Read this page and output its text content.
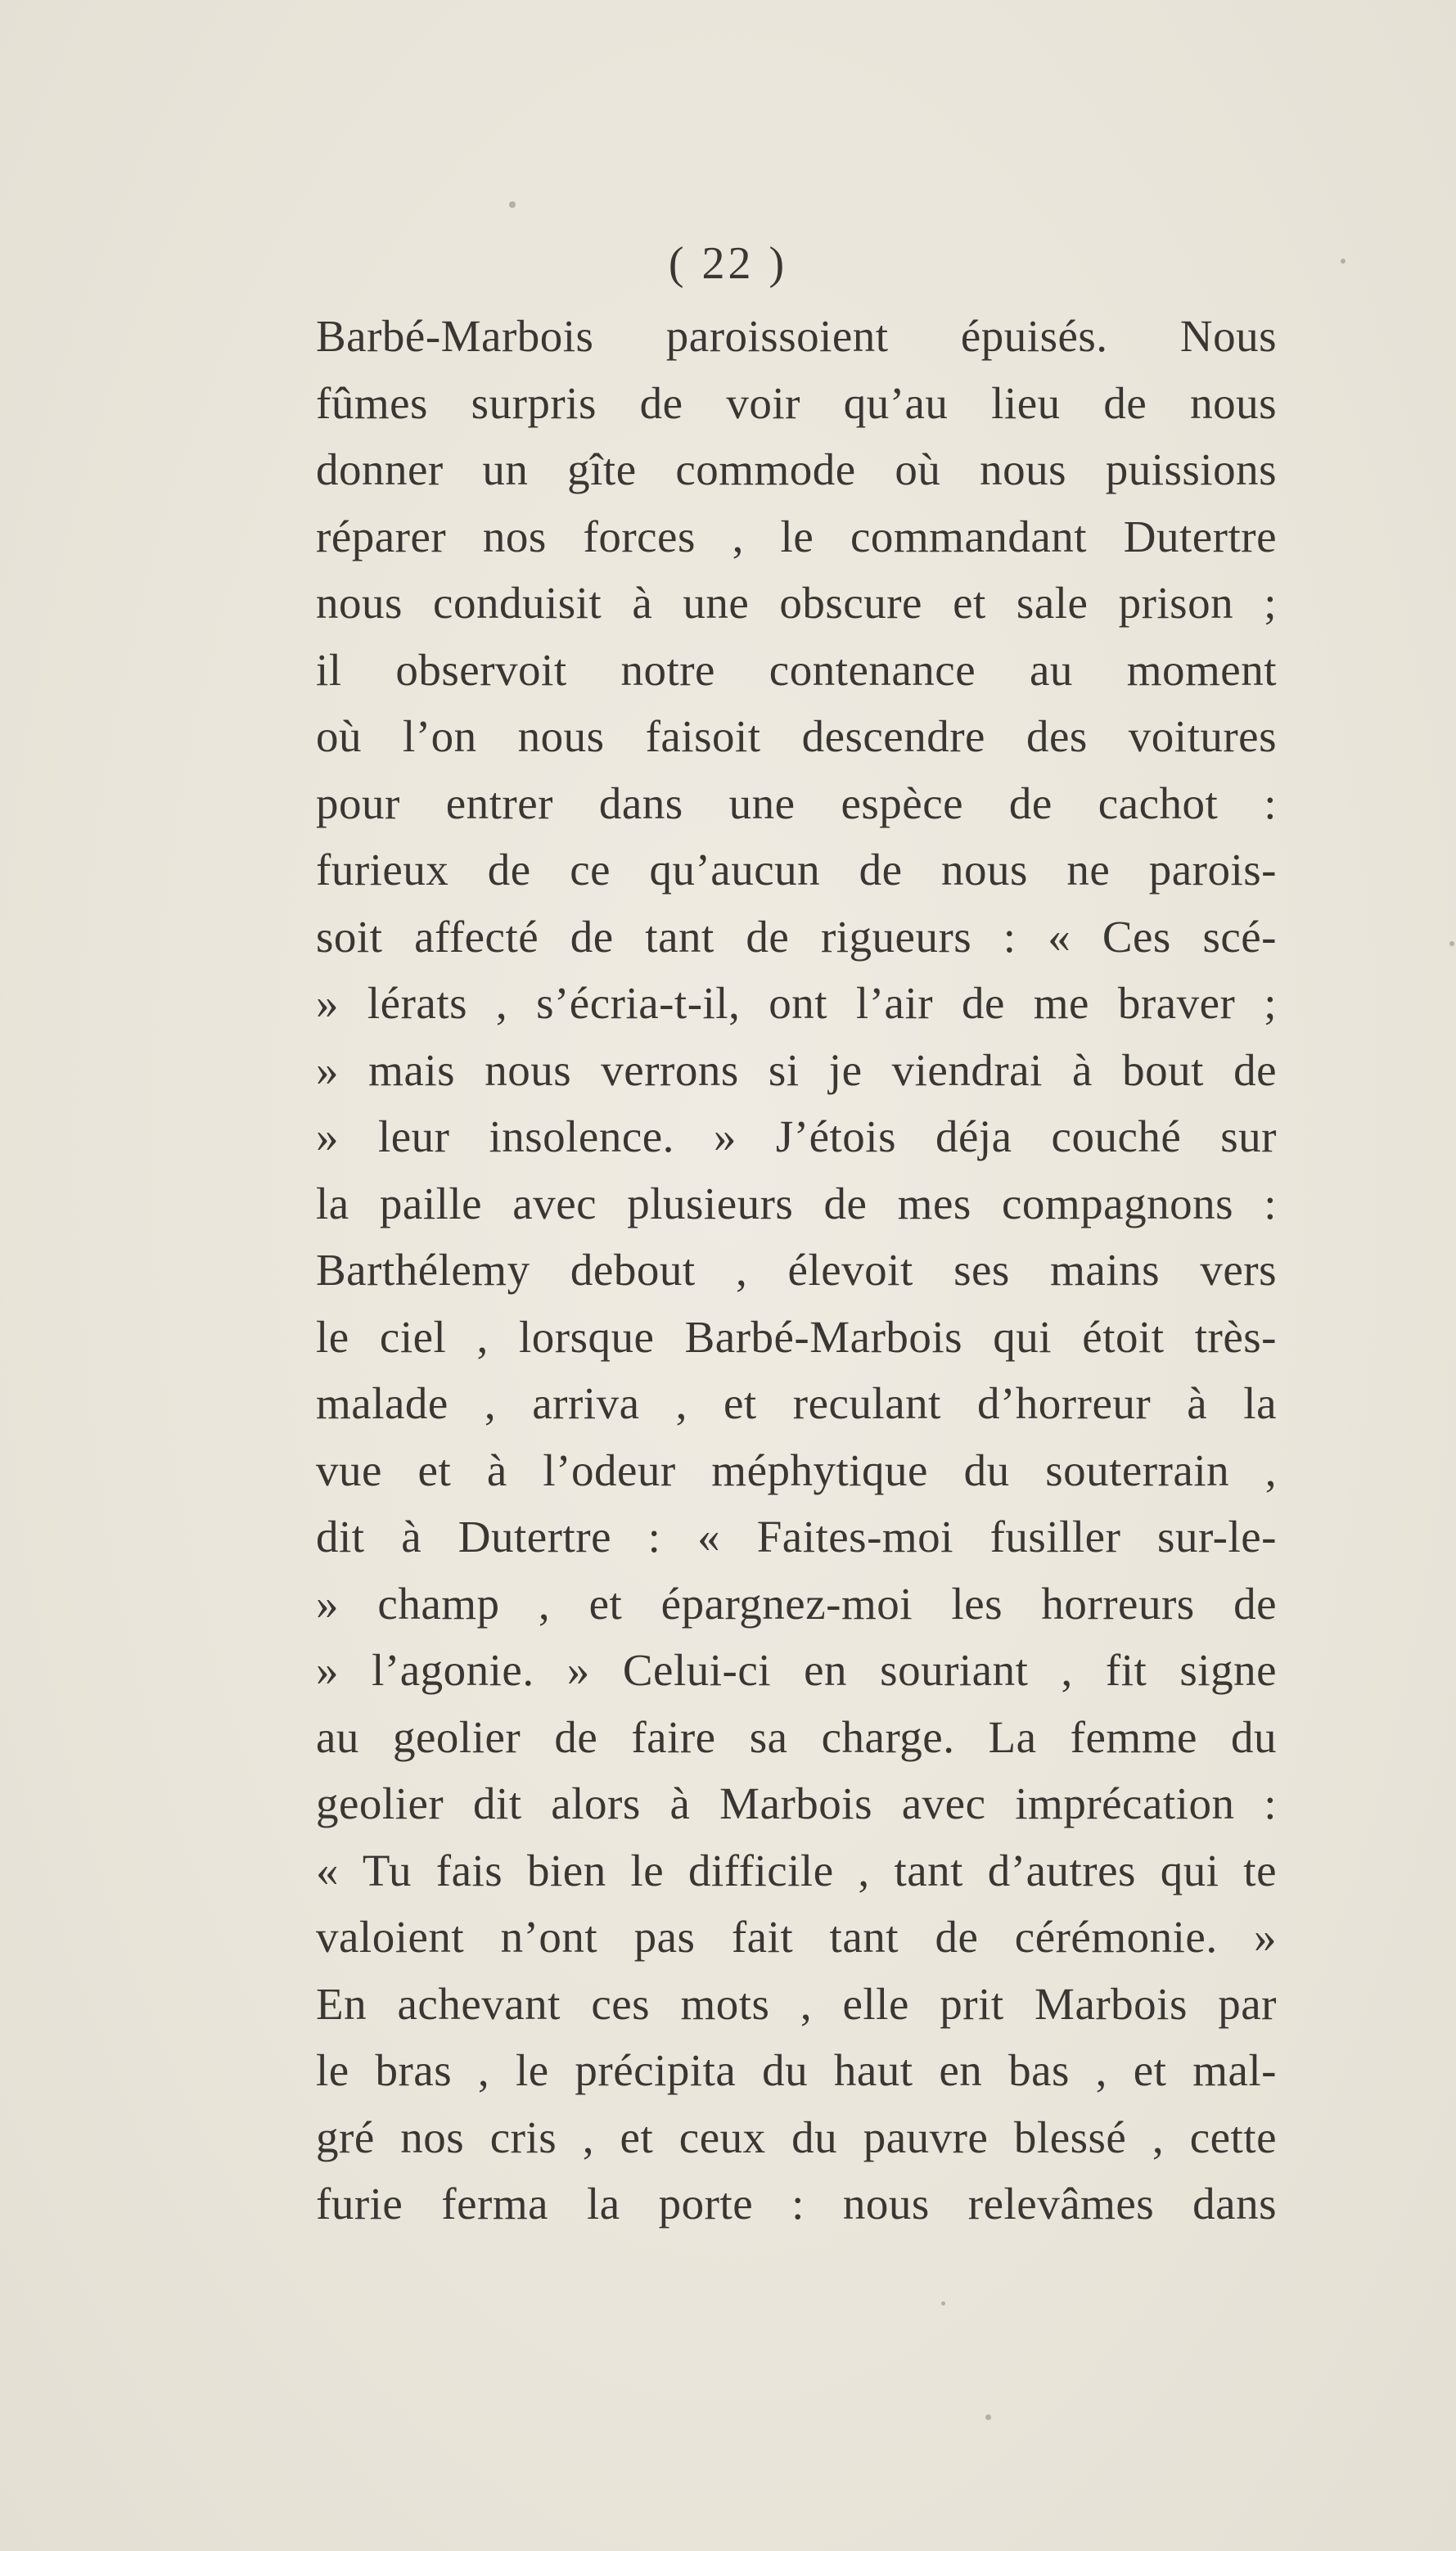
( 22 )
Barbé-Marbois paroissoient épuisés. Nous
fûmes surpris de voir qu’au lieu de nous
donner un gîte commode où nous puissions
réparer nos forces , le commandant Dutertre
nous conduisit à une obscure et sale prison ;
il observoit notre contenance au moment
où l’on nous faisoit descendre des voitures
pour entrer dans une espèce de cachot :
furieux de ce qu’aucun de nous ne parois-
soit affecté de tant de rigueurs : « Ces scé-
» lérats , s’écria-t-il, ont l’air de me braver ;
» mais nous verrons si je viendrai à bout de
» leur insolence. » J’étois déja couché sur
la paille avec plusieurs de mes compagnons :
Barthélemy debout , élevoit ses mains vers
le ciel , lorsque Barbé-Marbois qui étoit très-
malade , arriva , et reculant d’horreur à la
vue et à l’odeur méphytique du souterrain ,
dit à Dutertre : « Faites-moi fusiller sur-le-
» champ , et épargnez-moi les horreurs de
» l’agonie. » Celui-ci en souriant , fit signe
au geolier de faire sa charge. La femme du
geolier dit alors à Marbois avec imprécation :
« Tu fais bien le difficile , tant d’autres qui te
valoient n’ont pas fait tant de cérémonie. »
En achevant ces mots , elle prit Marbois par
le bras , le précipita du haut en bas , et mal-
gré nos cris , et ceux du pauvre blessé , cette
furie ferma la porte : nous relevâmes dans
